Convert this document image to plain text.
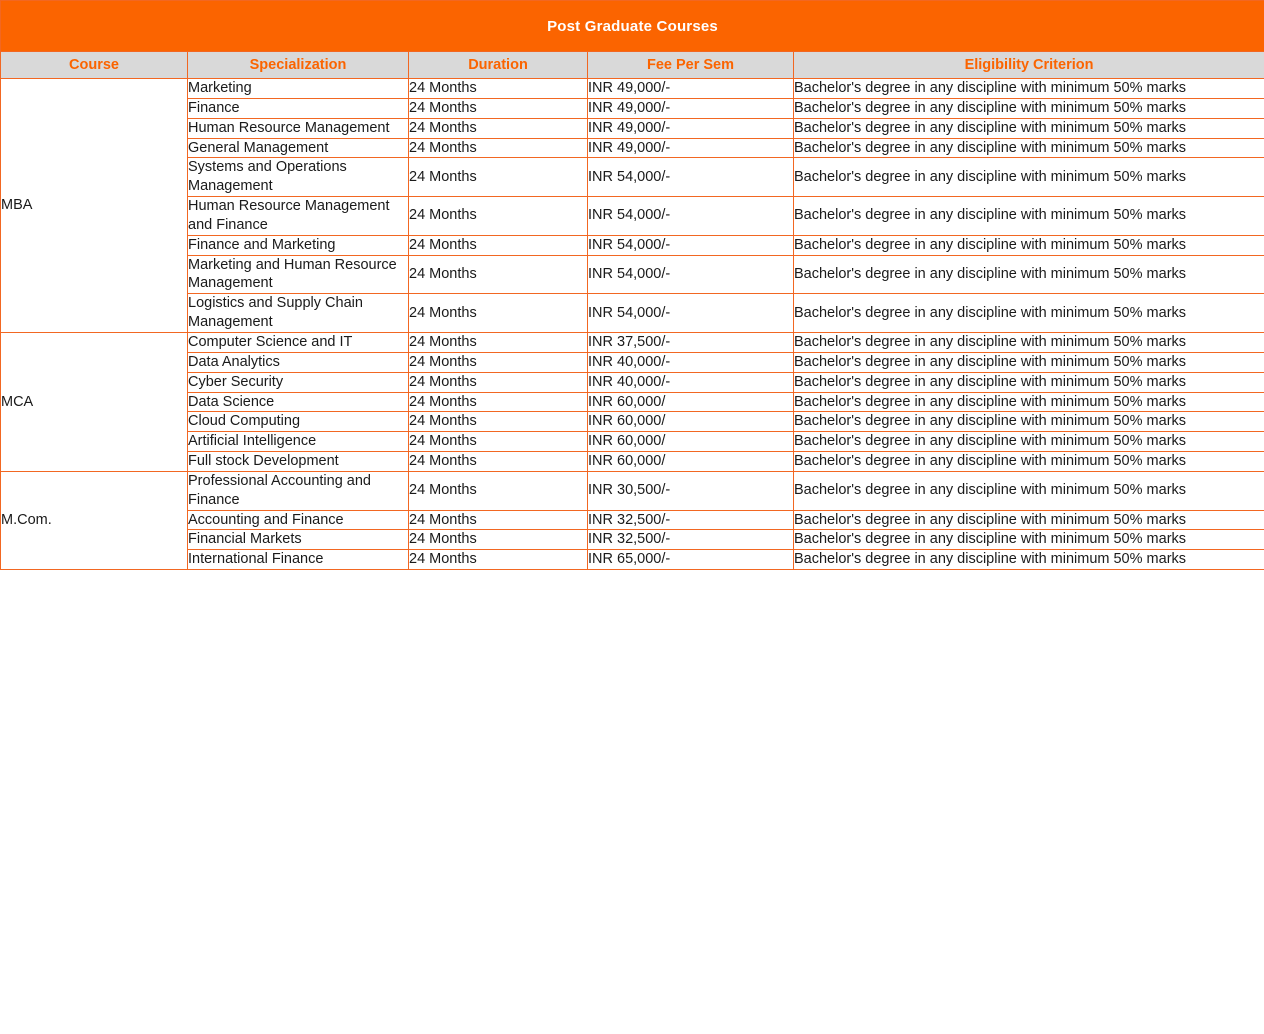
Post Graduate Courses				
Course	Specialization	Duration	Fee Per Sem	Eligibility Criterion
MBA	Marketing	24 Months	INR 49,000/-	Bachelor's degree in any discipline with minimum 50% marks
	Finance	24 Months	INR 49,000/-	Bachelor's degree in any discipline with minimum 50% marks
	Human Resource Management	24 Months	INR 49,000/-	Bachelor's degree in any discipline with minimum 50% marks
	General Management	24 Months	INR 49,000/-	Bachelor's degree in any discipline with minimum 50% marks
	Systems and Operations Management	24 Months	INR 54,000/-	Bachelor's degree in any discipline with minimum 50% marks
	Human Resource Management and Finance	24 Months	INR 54,000/-	Bachelor's degree in any discipline with minimum 50% marks
	Finance and Marketing	24 Months	INR 54,000/-	Bachelor's degree in any discipline with minimum 50% marks
	Marketing and Human Resource Management	24 Months	INR 54,000/-	Bachelor's degree in any discipline with minimum 50% marks
	Logistics and Supply Chain Management	24 Months	INR 54,000/-	Bachelor's degree in any discipline with minimum 50% marks
MCA	Computer Science and IT	24 Months	INR 37,500/-	Bachelor's degree in any discipline with minimum 50% marks
	Data Analytics	24 Months	INR 40,000/-	Bachelor's degree in any discipline with minimum 50% marks
	Cyber Security	24 Months	INR 40,000/-	Bachelor's degree in any discipline with minimum 50% marks
	Data Science	24 Months	INR 60,000/	Bachelor's degree in any discipline with minimum 50% marks
	Cloud Computing	24 Months	INR 60,000/	Bachelor's degree in any discipline with minimum 50% marks
	Artificial Intelligence	24 Months	INR 60,000/	Bachelor's degree in any discipline with minimum 50% marks
	Full stock Development	24 Months	INR 60,000/	Bachelor's degree in any discipline with minimum 50% marks
M.Com.	Professional Accounting and Finance	24 Months	INR 30,500/-	Bachelor's degree in any discipline with minimum 50% marks
	Accounting and Finance	24 Months	INR 32,500/-	Bachelor's degree in any discipline with minimum 50% marks
	Financial Markets	24 Months	INR 32,500/-	Bachelor's degree in any discipline with minimum 50% marks
	International Finance	24 Months	INR 65,000/-	Bachelor's degree in any discipline with minimum 50% marks
